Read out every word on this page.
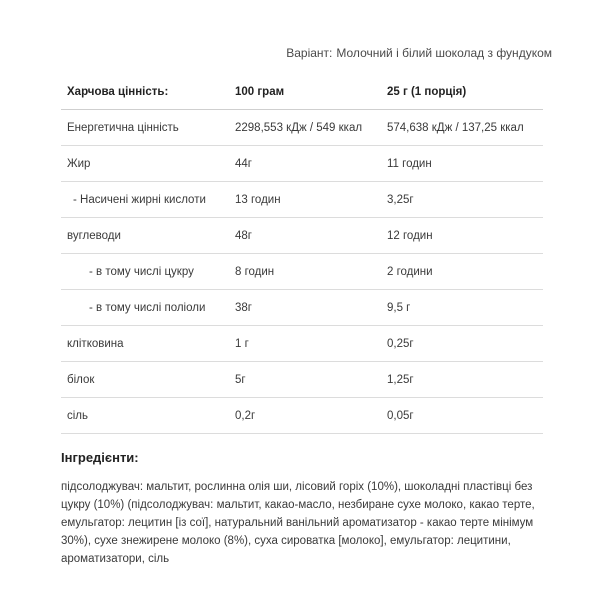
Варіант: Молочний і білий шоколад з фундуком
Харчова цінність:	100 грам	25 г (1 порція)
Енергетична цінність	2298,553 кДж / 549 ккал	574,638 кДж / 137,25 ккал
Жир	44г	11 годин
- Насичені жирні кислоти	13 годин	3,25г
вуглеводи	48г	12 годин
- в тому числі цукру	8 годин	2 години
- в тому числі поліоли	38г	9,5 г
клітковина	1 г	0,25г
білок	5г	1,25г
сіль	0,2г	0,05г
Інгредієнти:
підсолоджувач: мальтит, рослинна олія ши, лісовий горіх (10%), шоколадні пластівці без цукру (10%) (підсолоджувач: мальтит, какао-масло, незбиране сухе молоко, какао терте, емульгатор: лецитин [із сої], натуральний ванільний ароматизатор - какао терте мінімум 30%), сухе знежирене молоко (8%), суха сироватка [молоко], емульгатор: лецитини, ароматизатори, сіль
